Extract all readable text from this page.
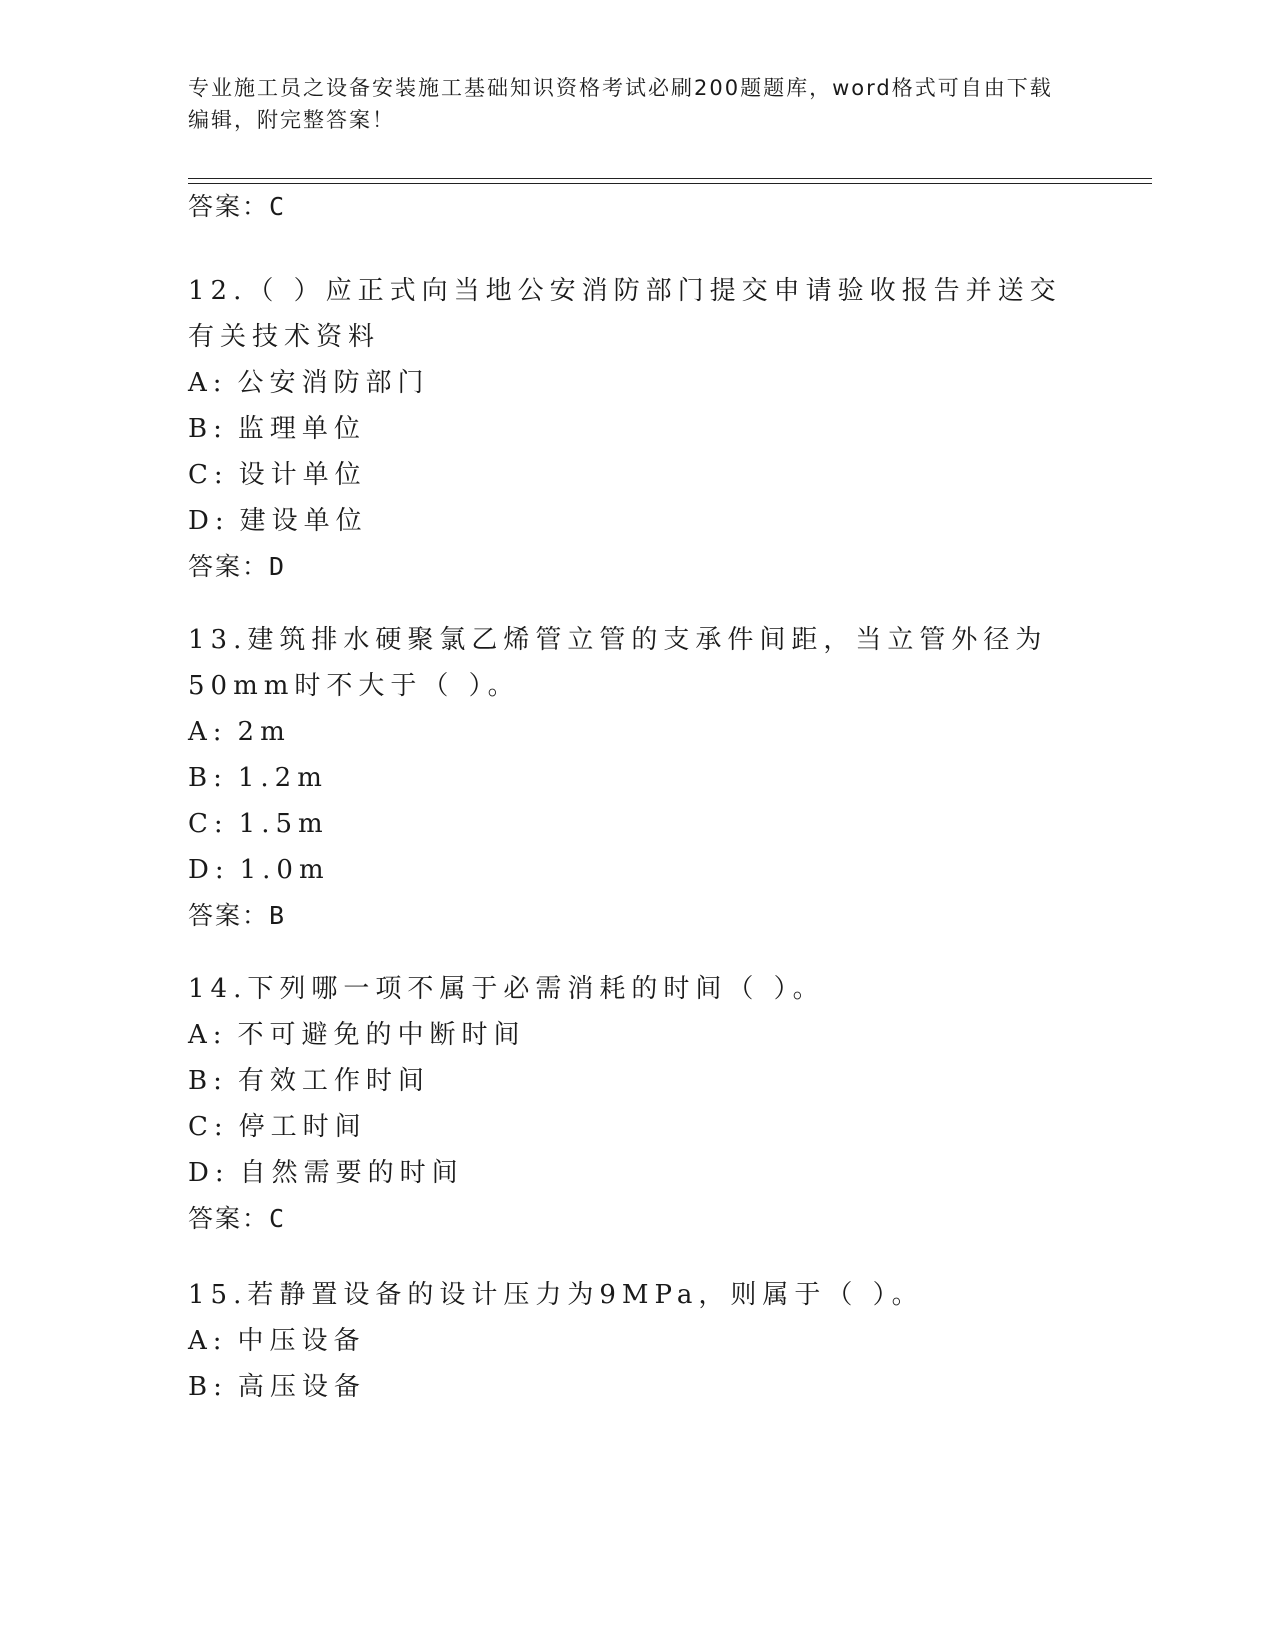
专业施工员之设备安装施工基础知识资格考试必刷200题题库，word格式可自由下载编辑，附完整答案！
答案：C

12.（ ）应正式向当地公安消防部门提交申请验收报告并送交有关技术资料

A: 公安消防部门
B: 监理单位
C: 设计单位
D: 建设单位
答案：D

13.建筑排水硬聚氯乙烯管立管的支承件间距，当立管外径为50mm时不大于（ ）。

A: 2m
B: 1.2m
C: 1.5m
D: 1.0m
答案：B

14.下列哪一项不属于必需消耗的时间（ ）。

A: 不可避免的中断时间
B: 有效工作时间
C: 停工时间
D: 自然需要的时间
答案：C

15.若静置设备的设计压力为9MPa，则属于（ ）。

A: 中压设备
B: 高压设备
